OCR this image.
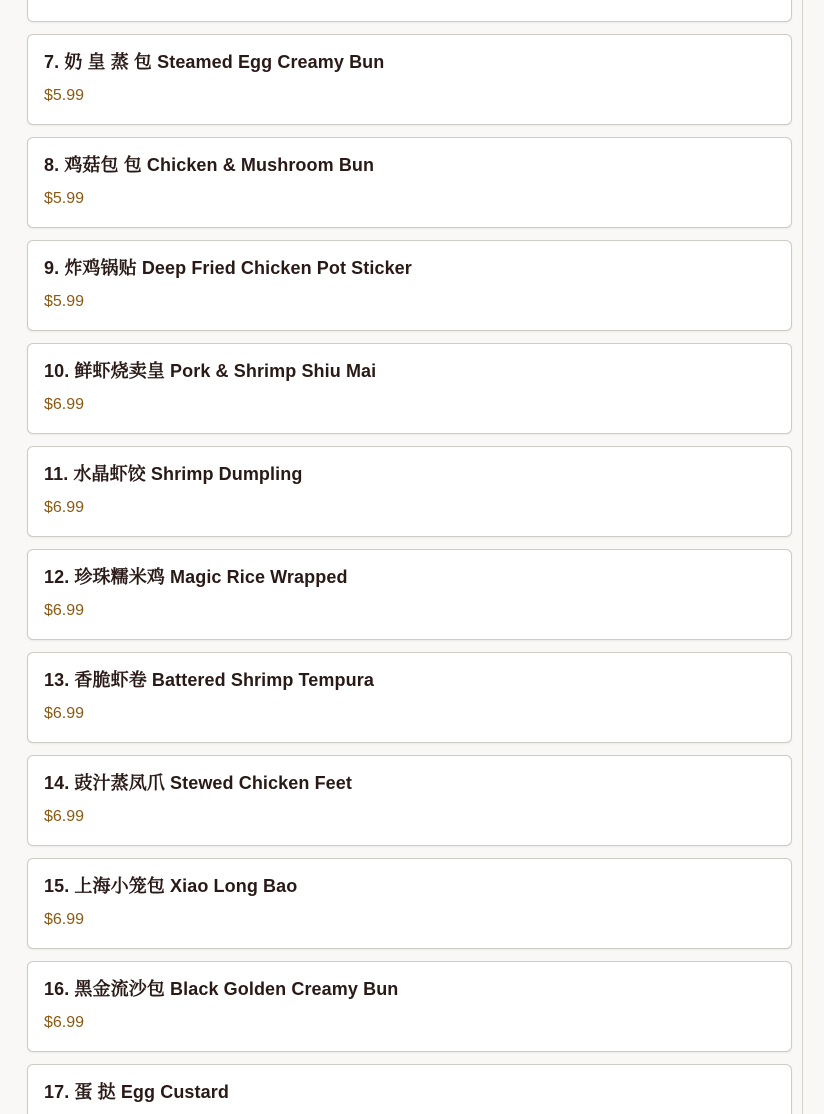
7. 奶 皇 蒸 包 Steamed Egg Creamy Bun
$5.99
8. 鸡菇包 包 Chicken & Mushroom Bun
$5.99
9. 炸鸡锅贴 Deep Fried Chicken Pot Sticker
$5.99
10. 鲜虾烧卖皇 Pork & Shrimp Shiu Mai
$6.99
11. 水晶虾饺 Shrimp Dumpling
$6.99
12. 珍珠糯米鸡 Magic Rice Wrapped
$6.99
13. 香脆虾卷 Battered Shrimp Tempura
$6.99
14. 豉汁蒸凤爪 Stewed Chicken Feet
$6.99
15. 上海小笼包 Xiao Long Bao
$6.99
16. 黑金流沙包 Black Golden Creamy Bun
$6.99
17. 蛋 挞 Egg Custard
